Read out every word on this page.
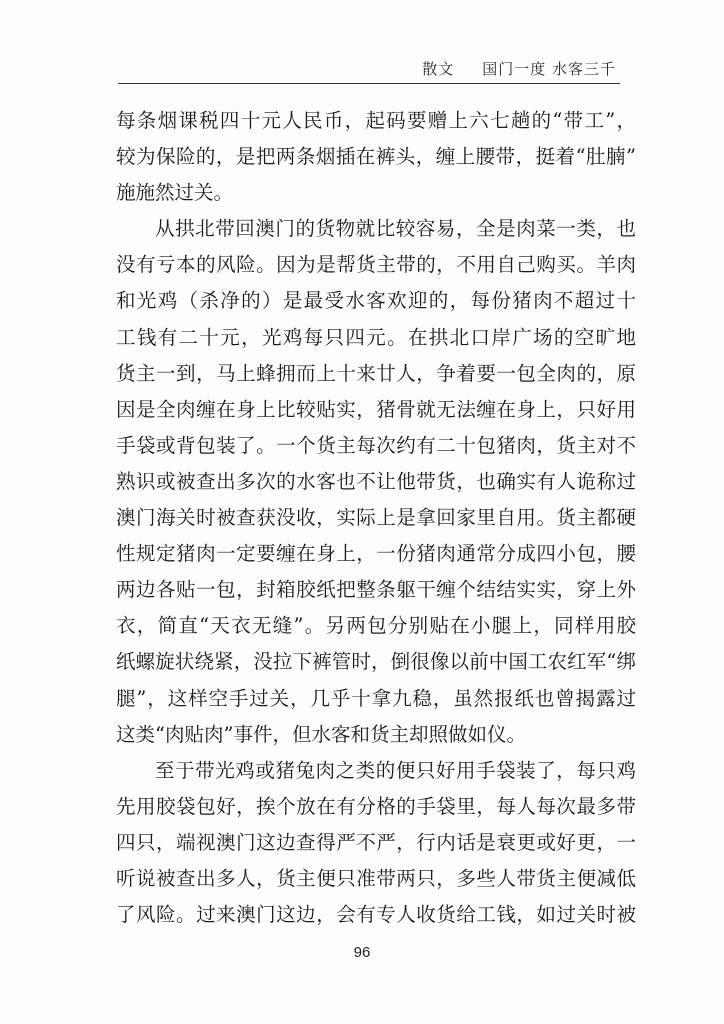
散文 国门一度 水客三千
每条烟课税四十元人民币，起码要赠上六七趟的“带工”，
较为保险的，是把两条烟插在裤头，缠上腰带，挺着“肚腩”
施施然过关。
从拱北带回澳门的货物就比较容易，全是肉菜一类，也
没有亏本的风险。因为是帮货主带的，不用自己购买。羊肉
和光鸡（杀净的）是最受水客欢迎的，每份猪肉不超过十
工钱有二十元，光鸡每只四元。在拱北口岸广场的空旷地
货主一到，马上蜂拥而上十来廿人，争着要一包全肉的，原
因是全肉缠在身上比较贴实，猪骨就无法缠在身上，只好用
手袋或背包装了。一个货主每次约有二十包猪肉，货主对不
熟识或被查出多次的水客也不让他带货，也确实有人诡称过
澳门海关时被查获没收，实际上是拿回家里自用。货主都硬
性规定猪肉一定要缠在身上，一份猪肉通常分成四小包，腰
两边各贴一包，封箱胶纸把整条躯干缠个结结实实，穿上外
衣，简直“天衣无缝”。另两包分别贴在小腿上，同样用胶
纸螺旋状绕紧，没拉下裤管时，倒很像以前中国工农红军“绑
腿”，这样空手过关，几乎十拿九稳，虽然报纸也曾揭露过
这类“肉贴肉”事件，但水客和货主却照做如仪。
至于带光鸡或猪兔肉之类的便只好用手袋装了，每只鸡
先用胶袋包好，挨个放在有分格的手袋里，每人每次最多带
四只，端视澳门这边查得严不严，行内话是衰更或好更，一
听说被查出多人，货主便只准带两只，多些人带货主便减低
了风险。过来澳门这边，会有专人收货给工钱，如过关时被
96
